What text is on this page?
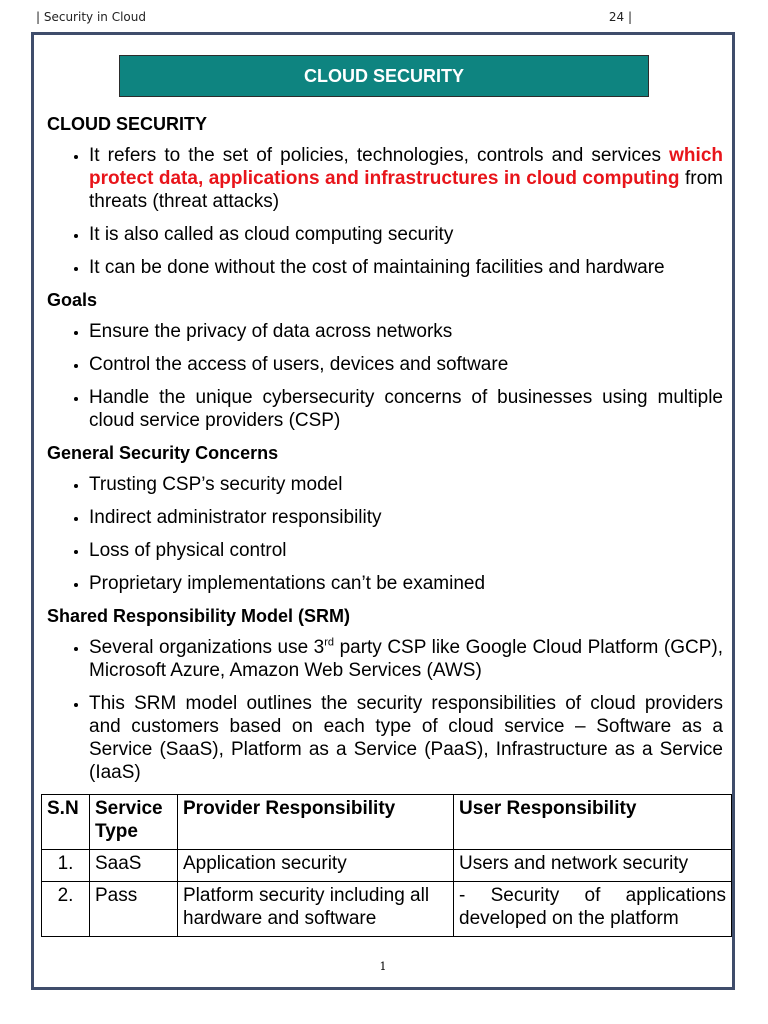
| Security in Cloud	24 |
CLOUD SECURITY
CLOUD SECURITY
• It refers to the set of policies, technologies, controls and services which protect data, applications and infrastructures in cloud computing from threats (threat attacks)
• It is also called as cloud computing security
• It can be done without the cost of maintaining facilities and hardware
Goals
• Ensure the privacy of data across networks
• Control the access of users, devices and software
• Handle the unique cybersecurity concerns of businesses using multiple cloud service providers (CSP)
General Security Concerns
• Trusting CSP’s security model
• Indirect administrator responsibility
• Loss of physical control
• Proprietary implementations can’t be examined
Shared Responsibility Model (SRM)
• Several organizations use 3rd party CSP like Google Cloud Platform (GCP), Microsoft Azure, Amazon Web Services (AWS)
• This SRM model outlines the security responsibilities of cloud providers and customers based on each type of cloud service – Software as a Service (SaaS), Platform as a Service (PaaS), Infrastructure as a Service (IaaS)
S.N	Service Type	Provider Responsibility	User Responsibility
1.	SaaS	Application security	Users and network security
2.	Pass	Platform security including all hardware and software	- Security of applications developed on the platform
1
